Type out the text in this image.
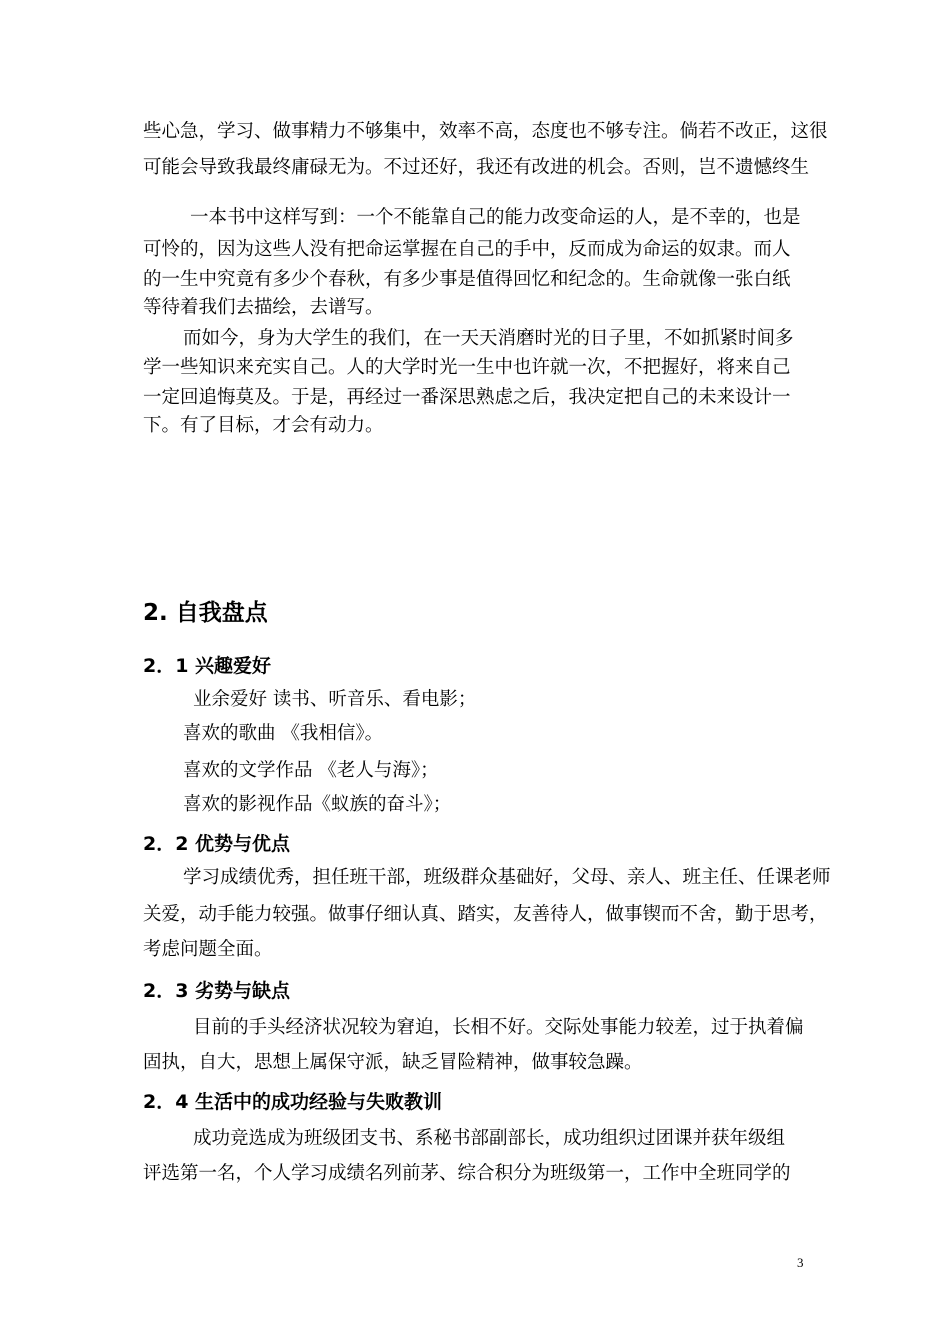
些心急，学习、做事精力不够集中，效率不高，态度也不够专注。倘若不改正，这很
可能会导致我最终庸碌无为。不过还好，我还有改进的机会。否则，岂不遗憾终生
一本书中这样写到：一个不能靠自己的能力改变命运的人，是不幸的，也是
可怜的，因为这些人没有把命运掌握在自己的手中，反而成为命运的奴隶。而人
的一生中究竟有多少个春秋，有多少事是值得回忆和纪念的。生命就像一张白纸
等待着我们去描绘，去谱写。
而如今，身为大学生的我们，在一天天消磨时光的日子里，不如抓紧时间多
学一些知识来充实自己。人的大学时光一生中也许就一次，不把握好，将来自己
一定回追悔莫及。于是，再经过一番深思熟虑之后，我决定把自己的未来设计一
下。有了目标，才会有动力。
2. 自我盘点
2．1 兴趣爱好
业余爱好 读书、听音乐、看电影；
喜欢的歌曲 《我相信》。
喜欢的文学作品 《老人与海》；
喜欢的影视作品《蚁族的奋斗》；
2．2 优势与优点
学习成绩优秀，担任班干部，班级群众基础好，父母、亲人、班主任、任课老师
关爱，动手能力较强。做事仔细认真、踏实，友善待人，做事锲而不舍，勤于思考，
考虑问题全面。
2．3 劣势与缺点
目前的手头经济状况较为窘迫，长相不好。交际处事能力较差，过于执着偏
固执，自大，思想上属保守派，缺乏冒险精神，做事较急躁。
2．4 生活中的成功经验与失败教训
成功竞选成为班级团支书、系秘书部副部长，成功组织过团课并获年级组
评选第一名，个人学习成绩名列前茅、综合积分为班级第一，工作中全班同学的
3
